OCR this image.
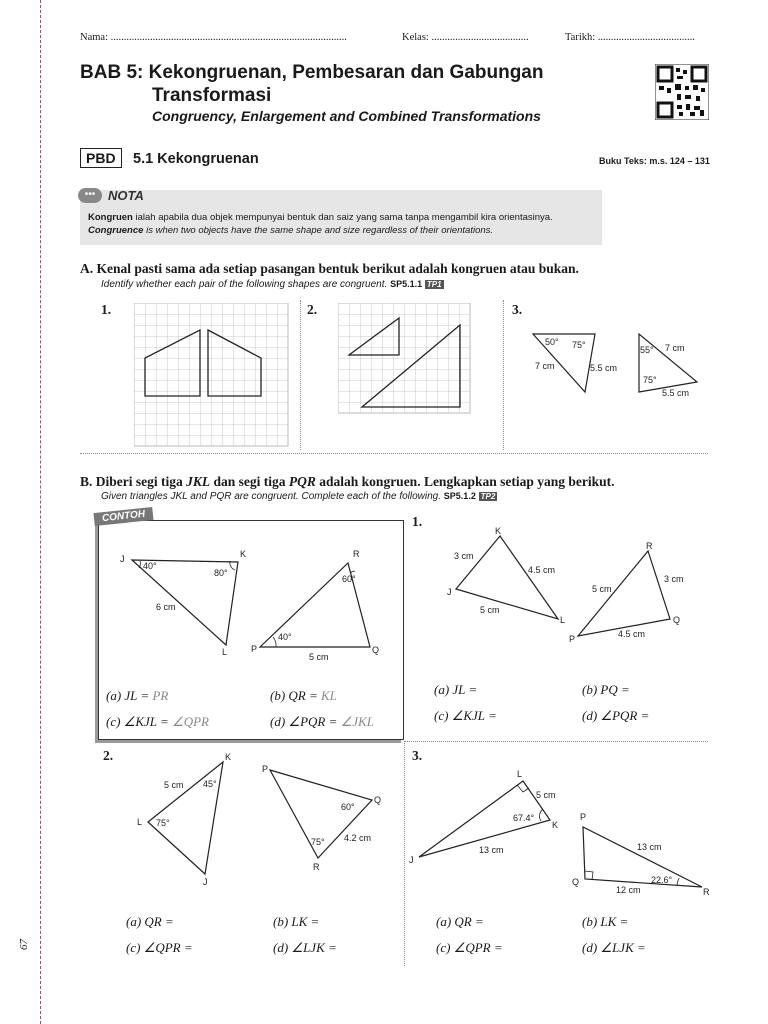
67
Nama: ..........................................................................................	Kelas: .....................................	Tarikh: .....................................
BAB 5: Kekongruenan, Pembesaran dan Gabungan
Transformasi
Congruency, Enlargement and Combined Transformations
PBD	5.1 Kekongruenan	Buku Teks: m.s. 124 – 131
••• NOTA
Kongruen ialah apabila dua objek mempunyai bentuk dan saiz yang sama tanpa mengambil kira orientasinya.
Congruence is when two objects have the same shape and size regardless of their orientations.
A. Kenal pasti sama ada setiap pasangan bentuk berikut adalah kongruen atau bukan.
Identify whether each pair of the following shapes are congruent. SP5.1.1 TP1
1.	2.	3.
50° 75°
7 cm	5.5 cm
55°
75°
7 cm
5.5 cm
B. Diberi segi tiga JKL dan segi tiga PQR adalah kongruen. Lengkapkan setiap yang berikut.
Given triangles JKL and PQR are congruent. Complete each of the following. SP5.1.2 TP2
CONTOH
J	K
L
40°
80°
6 cm
P	Q
R
60°
40°
5 cm
(a) JL = PR	(b) QR = KL
(c) ∠KJL = ∠QPR	(d) ∠PQR = ∠JKL
1.
J
K
L
3 cm
4.5 cm
5 cm
P
Q
R
5 cm
3 cm
4.5 cm
(a) JL =	(b) PQ =
(c) ∠KJL =	(d) ∠PQR =
2.
J
K
L
5 cm 45°
75°
P
Q
R
60°
75° 4.2 cm
(a) QR =	(b) LK =
(c) ∠QPR =	(d) ∠LJK =
3.
J
K
L
5 cm
67.4°
13 cm
P
Q
R
13 cm
22.6°
12 cm
(a) QR =	(b) LK =
(c) ∠QPR =	(d) ∠LJK =
